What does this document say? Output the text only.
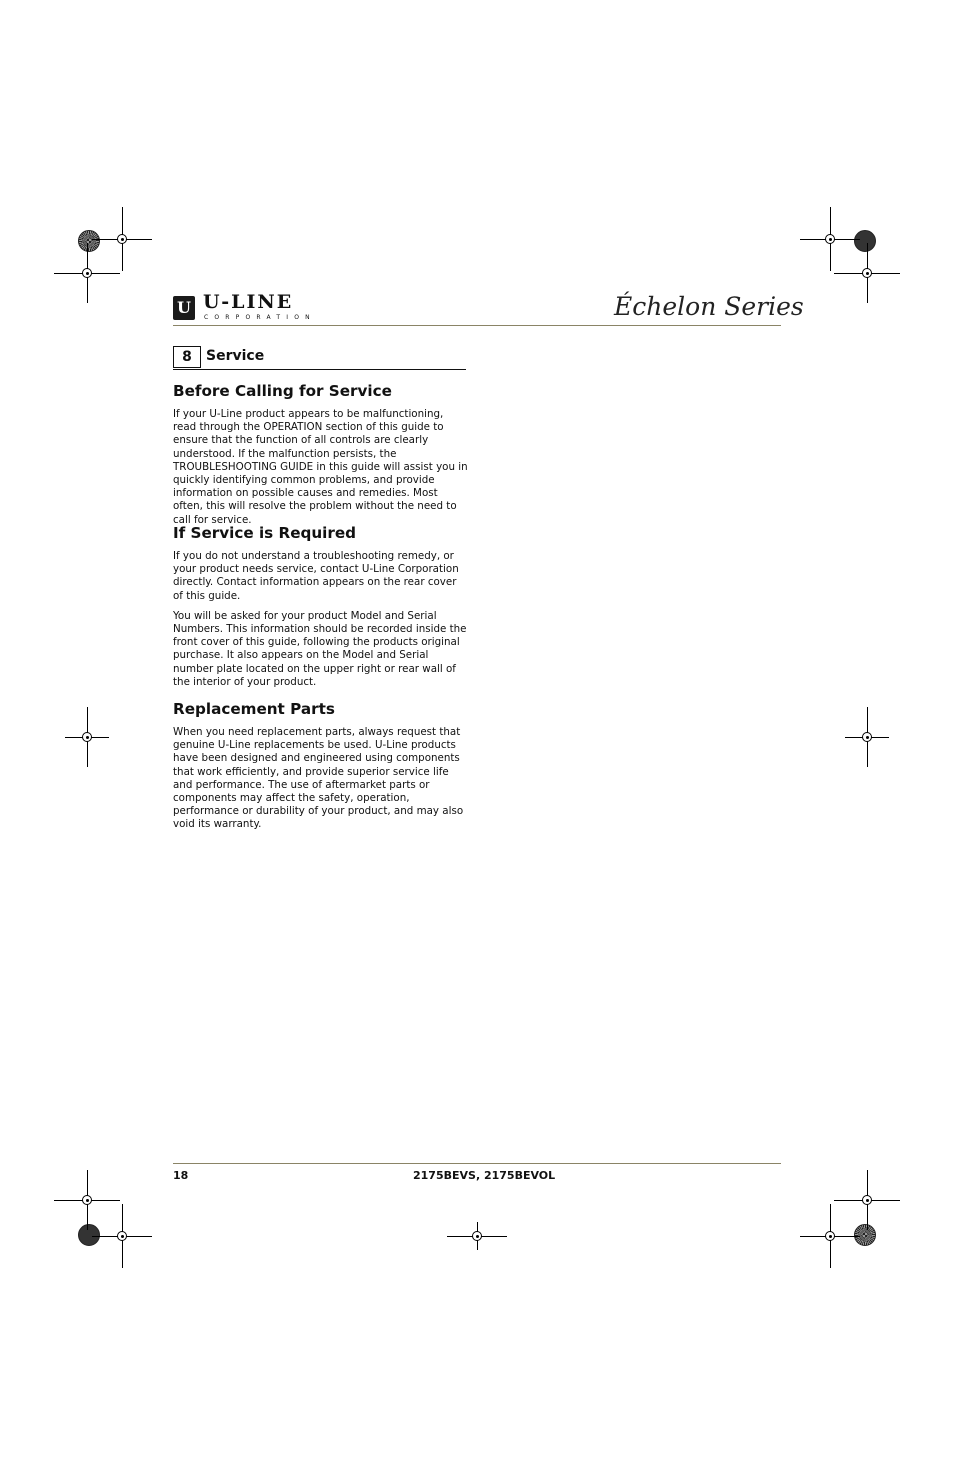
U U-LINE
CORPORATION	Échelon Series
8	Service
Before Calling for Service

If your U-Line product appears to be malfunctioning, read through the OPERATION section of this guide to ensure that the function of all controls are clearly understood. If the malfunction persists, the TROUBLESHOOTING GUIDE in this guide will assist you in quickly identifying common problems, and provide information on possible causes and remedies. Most often, this will resolve the problem without the need to call for service.

If Service is Required

If you do not understand a troubleshooting remedy, or your product needs service, contact U-Line Corporation directly. Contact information appears on the rear cover of this guide.

You will be asked for your product Model and Serial Numbers. This information should be recorded inside the front cover of this guide, following the products original purchase. It also appears on the Model and Serial number plate located on the upper right or rear wall of the interior of your product.

Replacement Parts

When you need replacement parts, always request that genuine U-Line replacements be used. U-Line products have been designed and engineered using components that work efficiently, and provide superior service life and performance. The use of aftermarket parts or components may affect the safety, operation, performance or durability of your product, and may also void its warranty.

18	2175BEVS, 2175BEVOL
